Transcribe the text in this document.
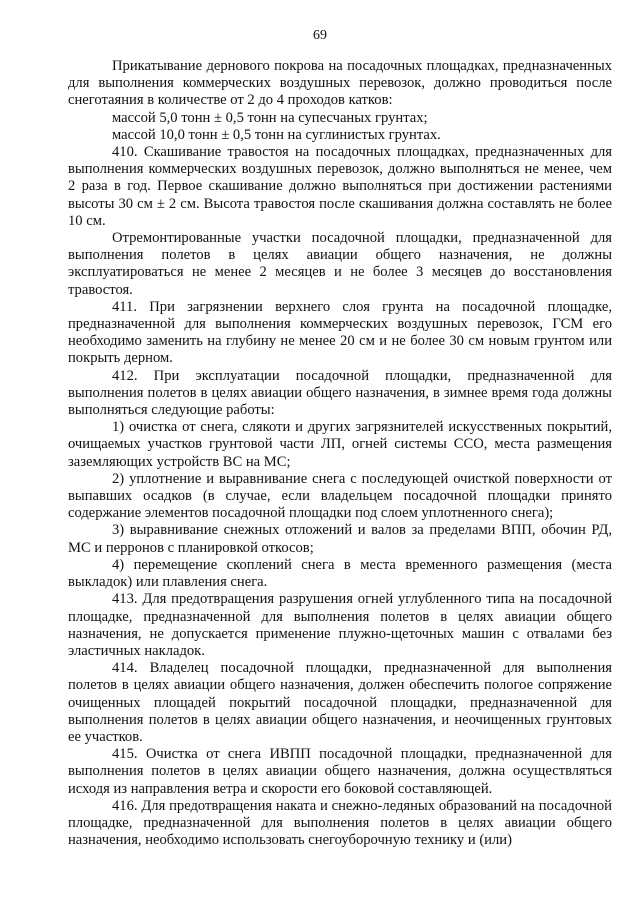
69

Прикатывание дернового покрова на посадочных площадках, предназначенных для выполнения коммерческих воздушных перевозок, должно проводиться после снеготаяния в количестве от 2 до 4 проходов катков:

массой 5,0 тонн ± 0,5 тонн на супесчаных грунтах;

массой 10,0 тонн ± 0,5 тонн на суглинистых грунтах.

410. Скашивание травостоя на посадочных площадках, предназначенных для выполнения коммерческих воздушных перевозок, должно выполняться не менее, чем 2 раза в год. Первое скашивание должно выполняться при достижении растениями высоты 30 см ± 2 см. Высота травостоя после скашивания должна составлять не более 10 см.

Отремонтированные участки посадочной площадки, предназначенной для выполнения полетов в целях авиации общего назначения, не должны эксплуатироваться не менее 2 месяцев и не более 3 месяцев до восстановления травостоя.

411. При загрязнении верхнего слоя грунта на посадочной площадке, предназначенной для выполнения коммерческих воздушных перевозок, ГСМ его необходимо заменить на глубину не менее 20 см и не более 30 см новым грунтом или покрыть дерном.

412. При эксплуатации посадочной площадки, предназначенной для выполнения полетов в целях авиации общего назначения, в зимнее время года должны выполняться следующие работы:

1) очистка от снега, слякоти и других загрязнителей искусственных покрытий, очищаемых участков грунтовой части ЛП, огней системы ССО, места размещения заземляющих устройств ВС на МС;

2) уплотнение и выравнивание снега с последующей очисткой поверхности от выпавших осадков (в случае, если владельцем посадочной площадки принято содержание элементов посадочной площадки под слоем уплотненного снега);

3) выравнивание снежных отложений и валов за пределами ВПП, обочин РД, МС и перронов с планировкой откосов;

4) перемещение скоплений снега в места временного размещения (места выкладок) или плавления снега.

413. Для предотвращения разрушения огней углубленного типа на посадочной площадке, предназначенной для выполнения полетов в целях авиации общего назначения, не допускается применение плужно-щеточных машин с отвалами без эластичных накладок.

414. Владелец посадочной площадки, предназначенной для выполнения полетов в целях авиации общего назначения, должен обеспечить пологое сопряжение очищенных площадей покрытий посадочной площадки, предназначенной для выполнения полетов в целях авиации общего назначения, и неочищенных грунтовых ее участков.

415. Очистка от снега ИВПП посадочной площадки, предназначенной для выполнения полетов в целях авиации общего назначения, должна осуществляться исходя из направления ветра и скорости его боковой составляющей.

416. Для предотвращения наката и снежно-ледяных образований на посадочной площадке, предназначенной для выполнения полетов в целях авиации общего назначения, необходимо использовать снегоуборочную технику и (или)
